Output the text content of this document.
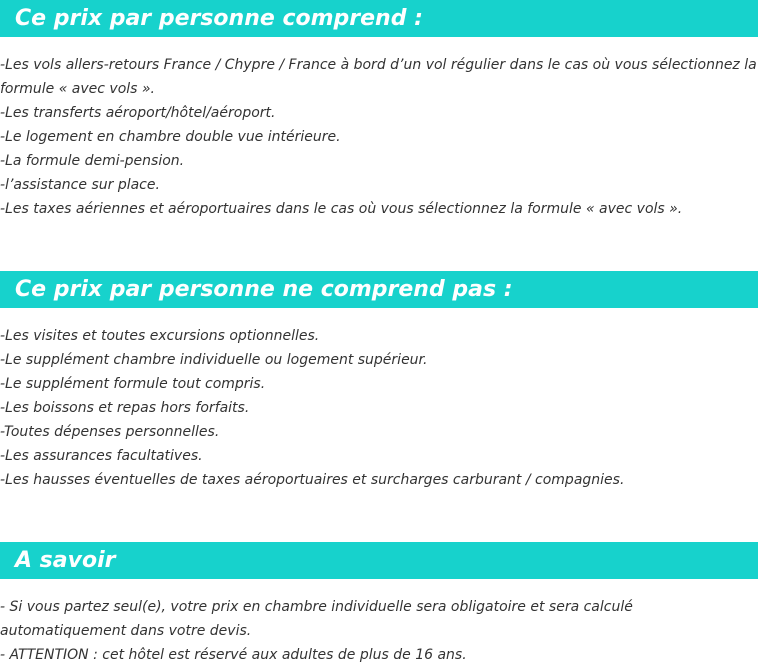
Ce prix par personne comprend :
-Les vols allers-retours France / Chypre / France à bord d’un vol régulier dans le cas où vous sélectionnez la formule « avec vols ».
-Les transferts aéroport/hôtel/aéroport.
-Le logement en chambre double vue intérieure.
-La formule demi-pension.
-l’assistance sur place.
-Les taxes aériennes et aéroportuaires dans le cas où vous sélectionnez la formule « avec vols ».
Ce prix par personne ne comprend pas :
-Les visites et toutes excursions optionnelles.
-Le supplément chambre individuelle ou logement supérieur.
-Le supplément formule tout compris.
-Les boissons et repas hors forfaits.
-Toutes dépenses personnelles.
-Les assurances facultatives.
-Les hausses éventuelles de taxes aéroportuaires et surcharges carburant / compagnies.
A savoir
- Si vous partez seul(e), votre prix en chambre individuelle sera obligatoire et sera calculé automatiquement dans votre devis.
- ATTENTION : cet hôtel est réservé aux adultes de plus de 16 ans.
